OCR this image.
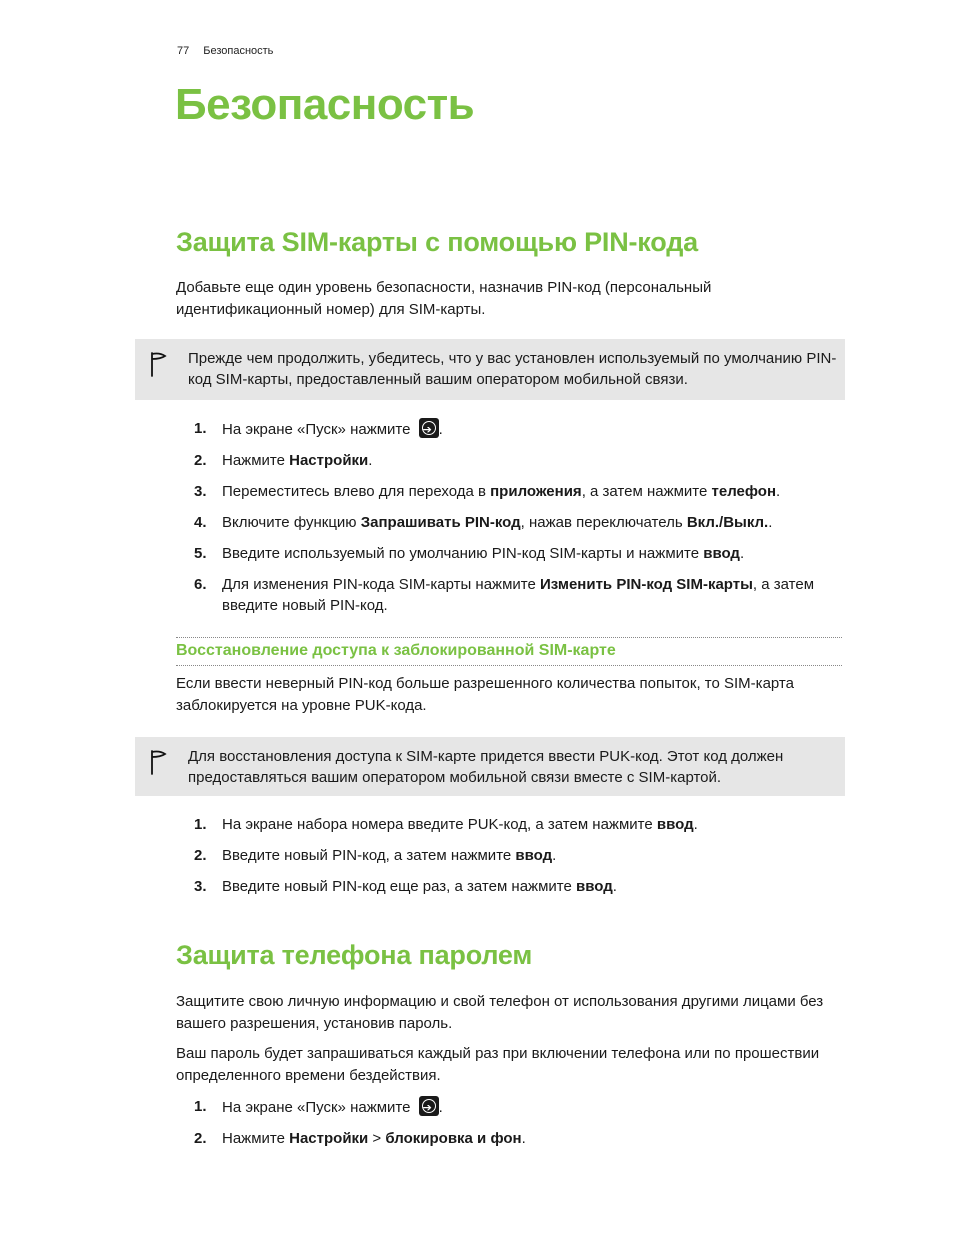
77 Безопасность
Безопасность
Защита SIM-карты с помощью PIN-кода

Добавьте еще один уровень безопасности, назначив PIN-код (персональный идентификационный номер) для SIM-карты.

Прежде чем продолжить, убедитесь, что у вас установлен используемый по умолчанию PIN-код SIM-карты, предоставленный вашим оператором мобильной связи.
1. На экране «Пуск» нажмите ➔.
2. Нажмите Настройки.
3. Переместитесь влево для перехода в приложения, а затем нажмите телефон.
4. Включите функцию Запрашивать PIN-код, нажав переключатель Вкл./Выкл..
5. Введите используемый по умолчанию PIN-код SIM-карты и нажмите ввод.
6. Для изменения PIN-кода SIM-карты нажмите Изменить PIN-код SIM-карты, а затем введите новый PIN-код.
Восстановление доступа к заблокированной SIM-карте

Если ввести неверный PIN-код больше разрешенного количества попыток, то SIM-карта заблокируется на уровне PUK-кода.

Для восстановления доступа к SIM-карте придется ввести PUK-код. Этот код должен предоставляться вашим оператором мобильной связи вместе с SIM-картой.
1. На экране набора номера введите PUK-код, а затем нажмите ввод.
2. Введите новый PIN-код, а затем нажмите ввод.
3. Введите новый PIN-код еще раз, а затем нажмите ввод.
Защита телефона паролем

Защитите свою личную информацию и свой телефон от использования другими лицами без вашего разрешения, установив пароль.

Ваш пароль будет запрашиваться каждый раз при включении телефона или по прошествии определенного времени бездействия.

1. На экране «Пуск» нажмите ➔.
2. Нажмите Настройки > блокировка и фон.
